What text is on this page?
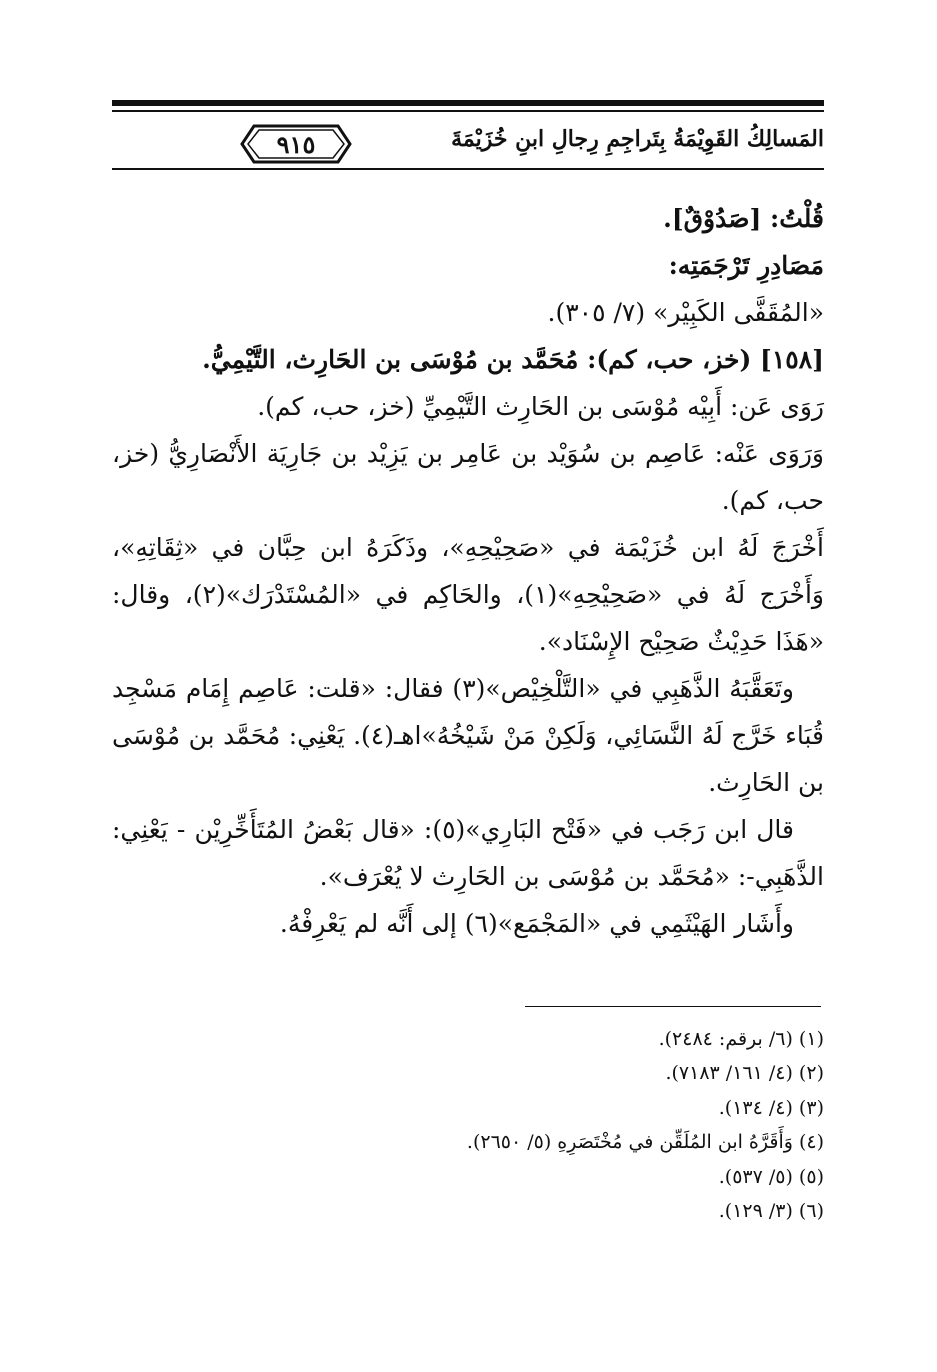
المَسالِكُ القَوِيْمَةُ بِتَراجِمِ رِجالِ ابنِ خُزَيْمَةَ
٩١٥

قُلْتُ: [صَدُوْقٌ].

مَصَادِرِ تَرْجَمَتِه:

«المُقَفَّى الكَبِيْر» (٧/ ٣٠٥).

[١٥٨] (خز، حب، كم): مُحَمَّد بن مُوْسَى بن الحَارِث، التَّيْمِيُّ.

رَوَى عَن: أَبِيْه مُوْسَى بن الحَارِث التَّيْمِيِّ (خز، حب، كم).

وَرَوَى عَنْه: عَاصِم بن سُوَيْد بن عَامِر بن يَزِيْد بن جَارِيَة الأَنْصَارِيُّ (خز، حب، كم).

أَخْرَجَ لَهُ ابن خُزَيْمَة في «صَحِيْحِهِ»، وذَكَرَهُ ابن حِبَّان في «ثِقَاتِهِ»، وَأَخْرَج لَهُ في «صَحِيْحِهِ»(١)، والحَاكِم في «المُسْتَدْرَك»(٢)، وقال: «هَذَا حَدِيْثٌ صَحِيْح الإِسْنَاد».

وتَعَقَّبَهُ الذَّهَبِي في «التَّلْخِيْص»(٣) فقال: «قلت: عَاصِم إِمَام مَسْجِد قُبَاء خَرَّج لَهُ النَّسَائِي، وَلَكِنْ مَنْ شَيْخُهُ»اهـ(٤). يَعْنِي: مُحَمَّد بن مُوْسَى بن الحَارِث.

قال ابن رَجَب في «فَتْح البَارِي»(٥): «قال بَعْضُ المُتَأَخِّرِيْن - يَعْنِي: الذَّهَبِي-: «مُحَمَّد بن مُوْسَى بن الحَارِث لا يُعْرَف».

وأَشَار الهَيْثَمِي في «المَجْمَع»(٦) إلى أَنَّه لم يَعْرِفْهُ.

(١) (٦/ برقم: ٢٤٨٤).

(٢) (٤/ ١٦١/ ٧١٨٣).

(٣) (٤/ ١٣٤).

(٤) وَأَقَرَّهُ ابن المُلَقِّن في مُخْتَصَرِهِ (٥/ ٢٦٥٠).

(٥) (٥/ ٥٣٧).

(٦) (٣/ ١٢٩).
